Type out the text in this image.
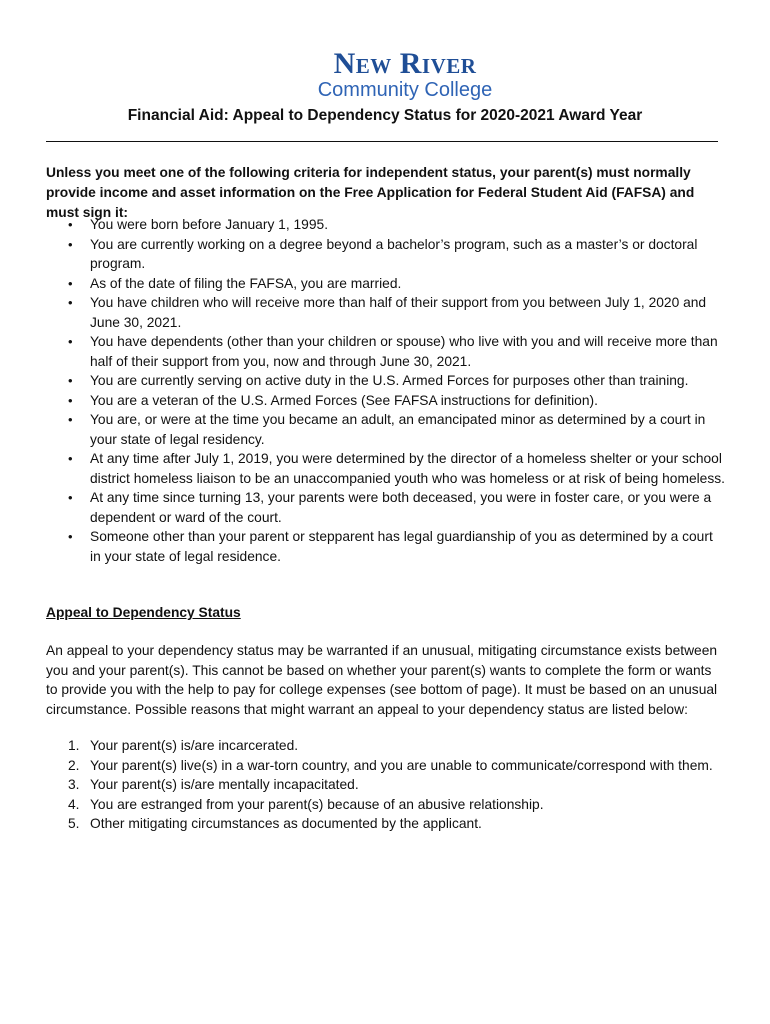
New River
Community College
Financial Aid: Appeal to Dependency Status for 2020-2021 Award Year

Unless you meet one of the following criteria for independent status, your parent(s) must normally provide income and asset information on the Free Application for Federal Student Aid (FAFSA) and must sign it:

• You were born before January 1, 1995.
• You are currently working on a degree beyond a bachelor’s program, such as a master’s or doctoral program.
• As of the date of filing the FAFSA, you are married.
• You have children who will receive more than half of their support from you between July 1, 2020 and June 30, 2021.
• You have dependents (other than your children or spouse) who live with you and will receive more than half of their support from you, now and through June 30, 2021.
• You are currently serving on active duty in the U.S. Armed Forces for purposes other than training.
• You are a veteran of the U.S. Armed Forces (See FAFSA instructions for definition).
• You are, or were at the time you became an adult, an emancipated minor as determined by a court in your state of legal residency.
• At any time after July 1, 2019, you were determined by the director of a homeless shelter or your school district homeless liaison to be an unaccompanied youth who was homeless or at risk of being homeless.
• At any time since turning 13, your parents were both deceased, you were in foster care, or you were a dependent or ward of the court.
• Someone other than your parent or stepparent has legal guardianship of you as determined by a court in your state of legal residence.

Appeal to Dependency Status

An appeal to your dependency status may be warranted if an unusual, mitigating circumstance exists between you and your parent(s). This cannot be based on whether your parent(s) wants to complete the form or wants to provide you with the help to pay for college expenses (see bottom of page). It must be based on an unusual circumstance. Possible reasons that might warrant an appeal to your dependency status are listed below:

1. Your parent(s) is/are incarcerated.
2. Your parent(s) live(s) in a war-torn country, and you are unable to communicate/correspond with them.
3. Your parent(s) is/are mentally incapacitated.
4. You are estranged from your parent(s) because of an abusive relationship.
5. Other mitigating circumstances as documented by the applicant.
